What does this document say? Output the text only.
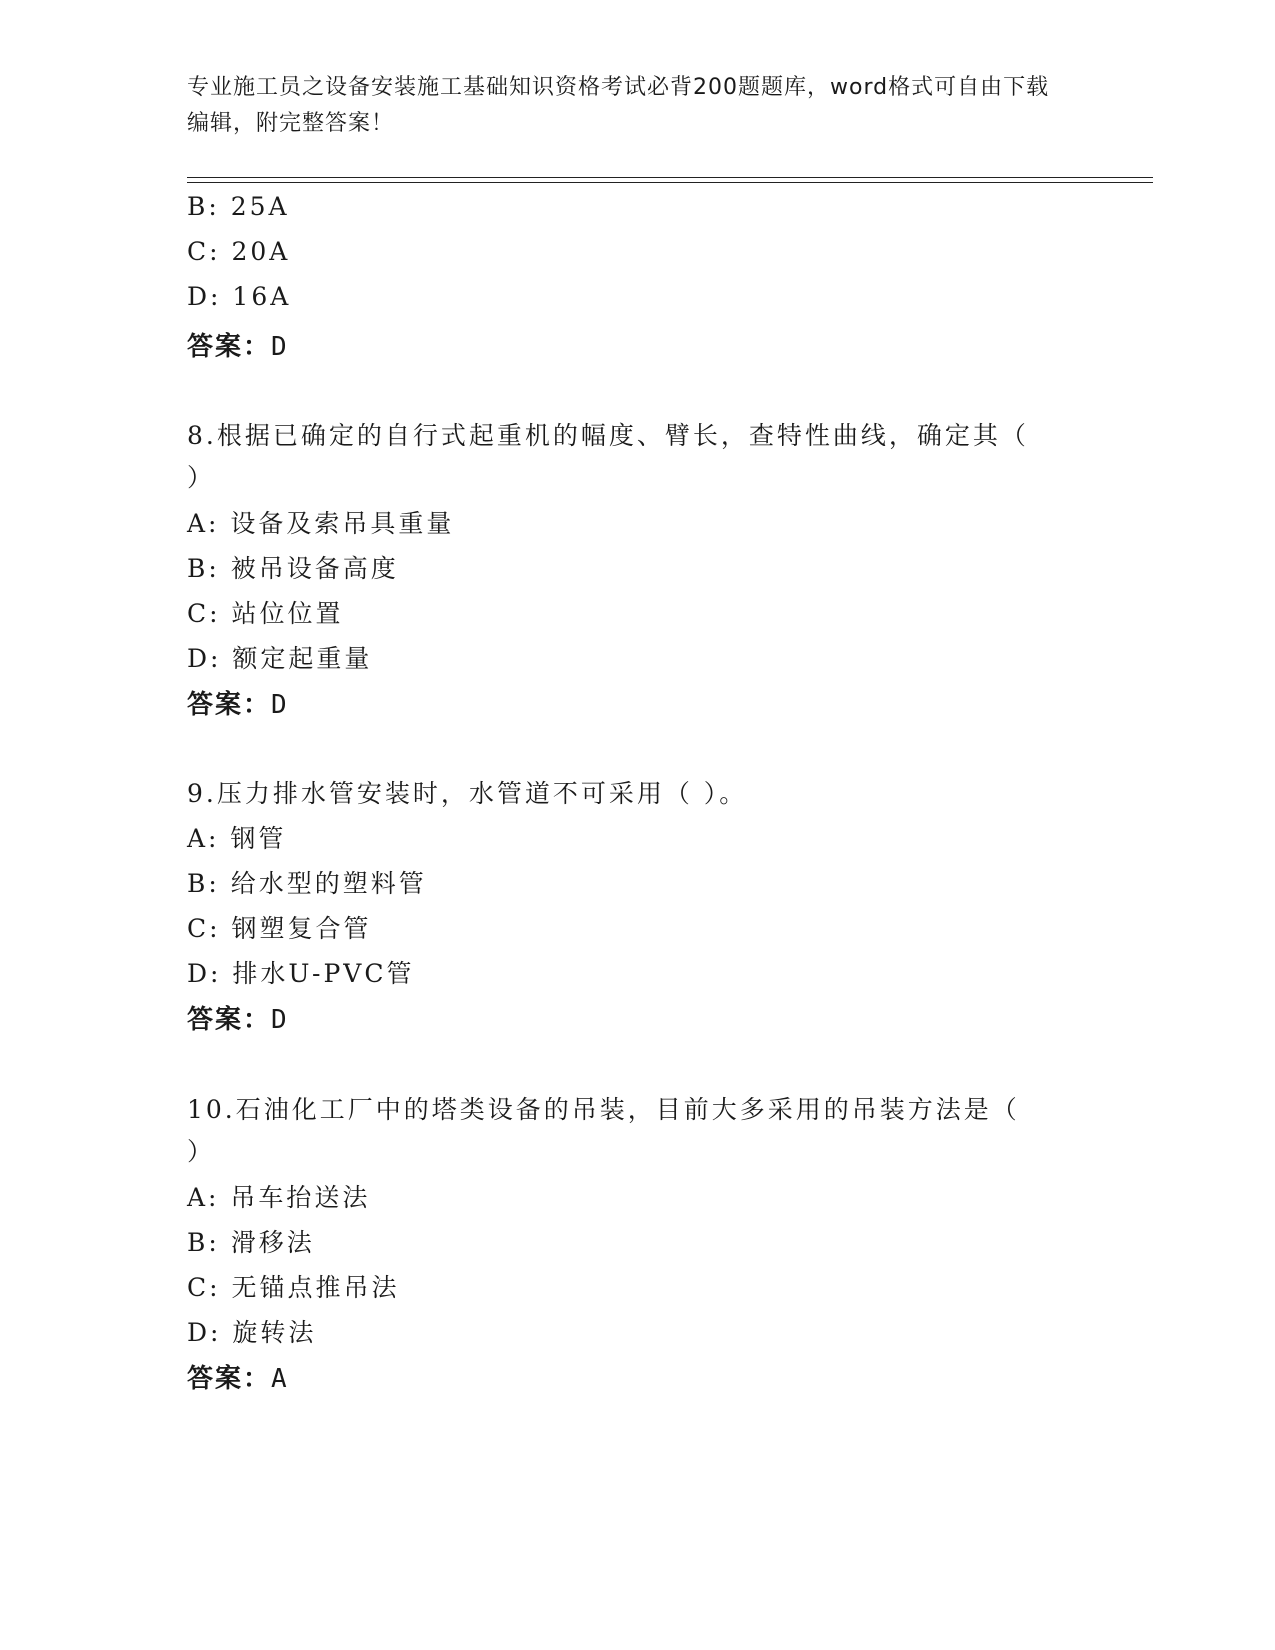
专业施工员之设备安装施工基础知识资格考试必背200题题库，word格式可自由下载编辑，附完整答案！
B: 25A
C: 20A
D: 16A
答案：D
8.根据已确定的自行式起重机的幅度、臂长，查特性曲线，确定其（
）
A: 设备及索吊具重量
B: 被吊设备高度
C: 站位位置
D: 额定起重量
答案：D
9.压力排水管安装时，水管道不可采用（ ）。
A: 钢管
B: 给水型的塑料管
C: 钢塑复合管
D: 排水U-PVC管
答案：D
10.石油化工厂中的塔类设备的吊装，目前大多采用的吊装方法是（
）
A: 吊车抬送法
B: 滑移法
C: 无锚点推吊法
D: 旋转法
答案：A
